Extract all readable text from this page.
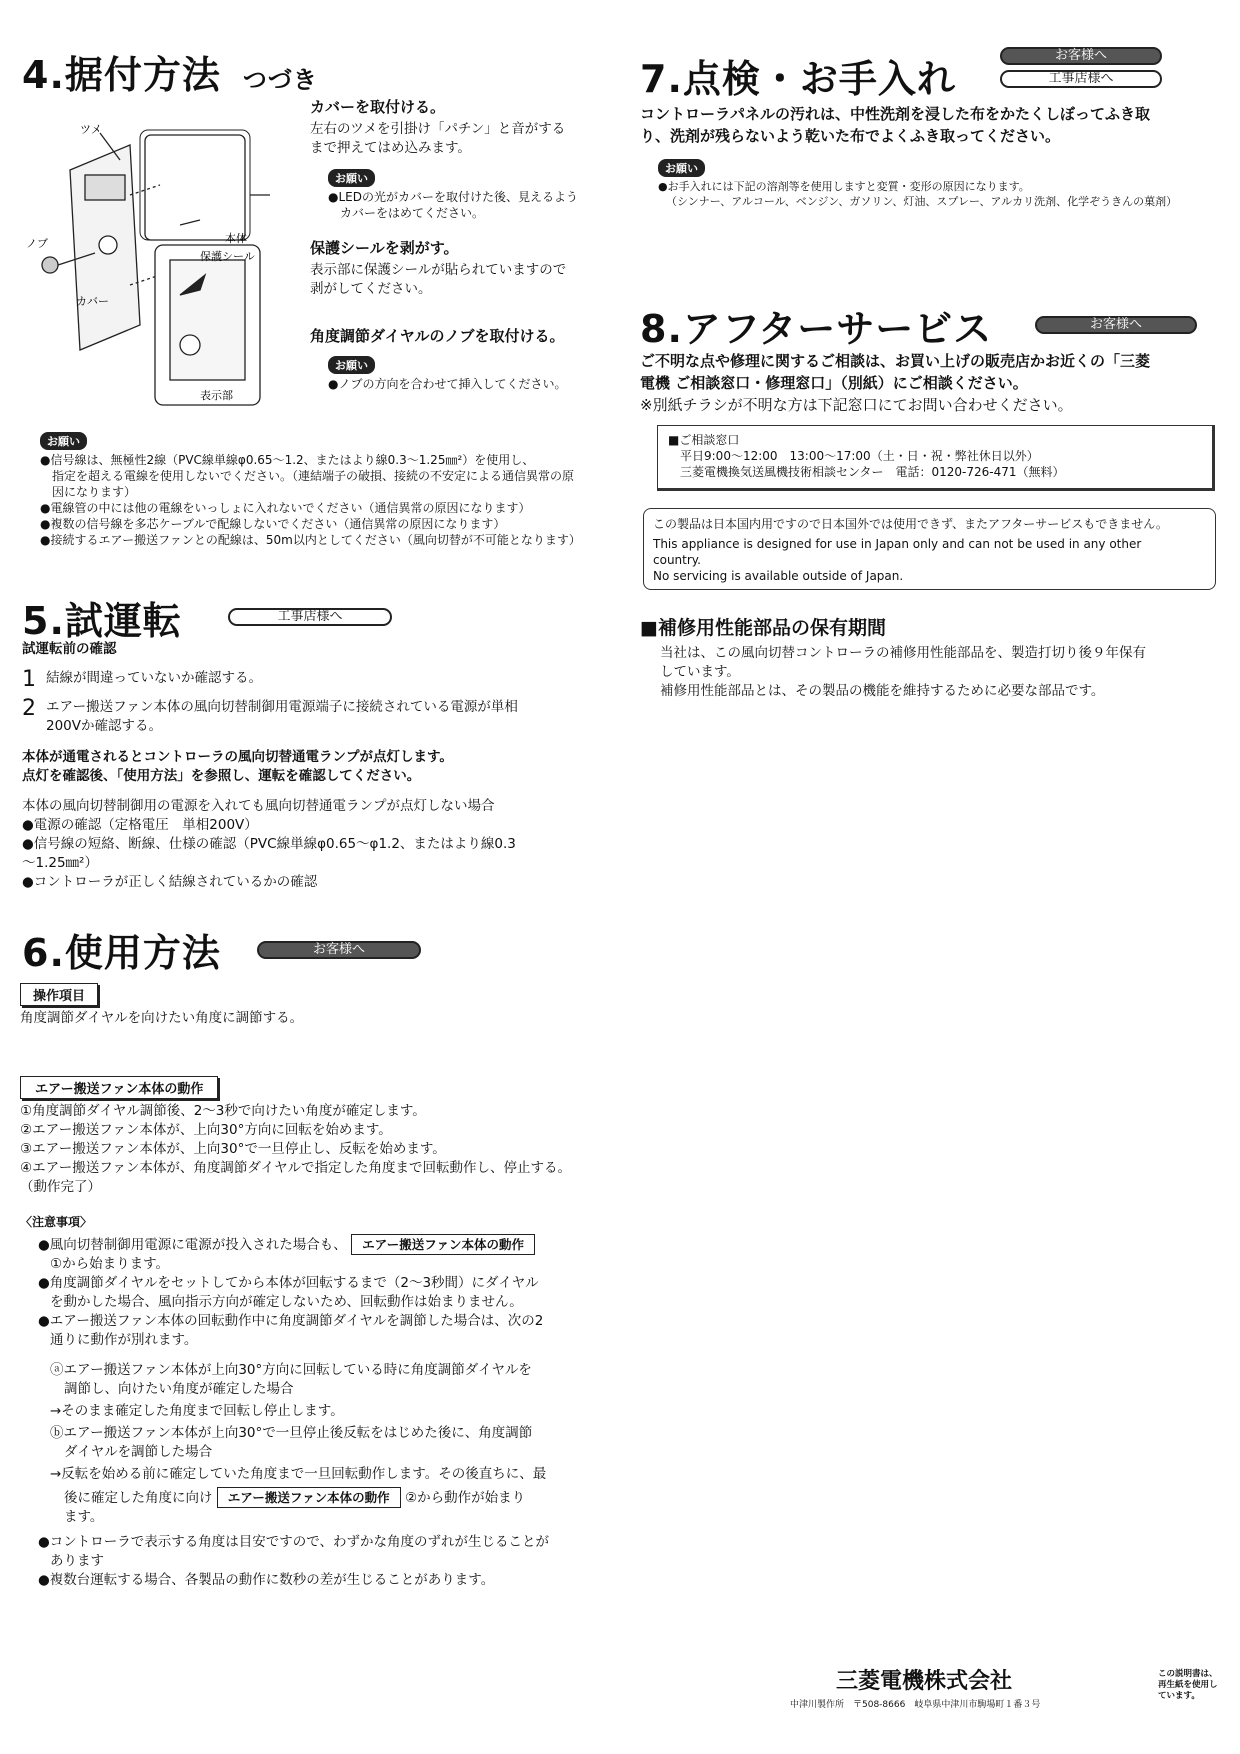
4.据付方法 つづき
ツメ
ノブ
カバー
本体
保護シール
表示部

カバーを取付ける。

左右のツメを引掛け「パチン」と音がする

まで押えてはめ込みます。

お願い

●LEDの光がカバーを取付けた後、見えるよう

カバーをはめてください。

保護シールを剥がす。

表示部に保護シールが貼られていますので

剥がしてください。

角度調節ダイヤルのノブを取付ける。

お願い

●ノブの方向を合わせて挿入してください。

お願い

●信号線は、無極性2線（PVC線単線φ0.65〜1.2、またはより線0.3〜1.25㎜²）を使用し、

指定を超える電線を使用しないでください。（連結端子の破損、接続の不安定による通信異常の原

因になります）

●電線管の中には他の電線をいっしょに入れないでください（通信異常の原因になります）

●複数の信号線を多芯ケーブルで配線しないでください（通信異常の原因になります）

●接続するエアー搬送ファンとの配線は、50m以内としてください（風向切替が不可能となります）

5.試運転	工事店様へ

試運転前の確認

1 結線が間違っていないか確認する。
2 エアー搬送ファン本体の風向切替制御用電源端子に接続されている電源が単相

200Vか確認する。

本体が通電されるとコントローラの風向切替通電ランプが点灯します。

点灯を確認後、「使用方法」を参照し、運転を確認してください。

本体の風向切替制御用の電源を入れても風向切替通電ランプが点灯しない場合

●電源の確認（定格電圧　単相200V）

●信号線の短絡、断線、仕様の確認（PVC線単線φ0.65〜φ1.2、またはより線0.3

〜1.25㎜²）

●コントローラが正しく結線されているかの確認

6.使用方法	お客様へ
操作項目

角度調節ダイヤルを向けたい角度に調節する。

エアー搬送ファン本体の動作

①角度調節ダイヤル調節後、2〜3秒で向けたい角度が確定します。

②エアー搬送ファン本体が、上向30°方向に回転を始めます。

③エアー搬送ファン本体が、上向30°で一旦停止し、反転を始めます。

④エアー搬送ファン本体が、角度調節ダイヤルで指定した角度まで回転動作し、停止する。

（動作完了）

〈注意事項〉

●風向切替制御用電源に電源が投入された場合も、 エアー搬送ファン本体の動作

①から始まります。

●角度調節ダイヤルをセットしてから本体が回転するまで（2〜3秒間）にダイヤル

を動かした場合、風向指示方向が確定しないため、回転動作は始まりません。

●エアー搬送ファン本体の回転動作中に角度調節ダイヤルを調節した場合は、次の2

通りに動作が別れます。

ⓐエアー搬送ファン本体が上向30°方向に回転している時に角度調節ダイヤルを

調節し、向けたい角度が確定した場合

→そのまま確定した角度まで回転し停止します。

ⓑエアー搬送ファン本体が上向30°で一旦停止後反転をはじめた後に、角度調節

ダイヤルを調節した場合

→反転を始める前に確定していた角度まで一旦回転動作します。その後直ちに、最

後に確定した角度に向け エアー搬送ファン本体の動作 ②から動作が始まり

ます。

●コントローラで表示する角度は目安ですので、わずかな角度のずれが生じることが

あります

●複数台運転する場合、各製品の動作に数秒の差が生じることがあります。

7.点検・お手入れ
お客様へ
工事店様へ

コントローラパネルの汚れは、中性洗剤を浸した布をかたくしぼってふき取

り、洗剤が残らないよう乾いた布でよくふき取ってください。

お願い

●お手入れには下記の溶剤等を使用しますと変質・変形の原因になります。

（シンナー、アルコール、ベンジン、ガソリン、灯油、スプレー、アルカリ洗剤、化学ぞうきんの菓剤）

8.アフターサービス	お客様へ

ご不明な点や修理に関するご相談は、お買い上げの販売店かお近くの「三菱

電機 ご相談窓口・修理窓口」（別紙）にご相談ください。

※別紙チラシが不明な方は下記窓口にてお問い合わせください。

■ご相談窓口

平日9:00〜12:00　13:00〜17:00（土・日・祝・弊社休日以外）

三菱電機換気送風機技術相談センター　電話：0120-726-471（無料）

この製品は日本国内用ですので日本国外では使用できず、またアフターサービスもできません。

This appliance is designed for use in Japan only and can not be used in any other

country.

No servicing is available outside of Japan.

■補修用性能部品の保有期間

当社は、この風向切替コントローラの補修用性能部品を、製造打切り後９年保有

しています。

補修用性能部品とは、その製品の機能を維持するために必要な部品です。

三菱電機株式会社
中津川製作所　〒508-8666　岐阜県中津川市駒場町１番３号
この説明書は、再生紙を使用しています。
